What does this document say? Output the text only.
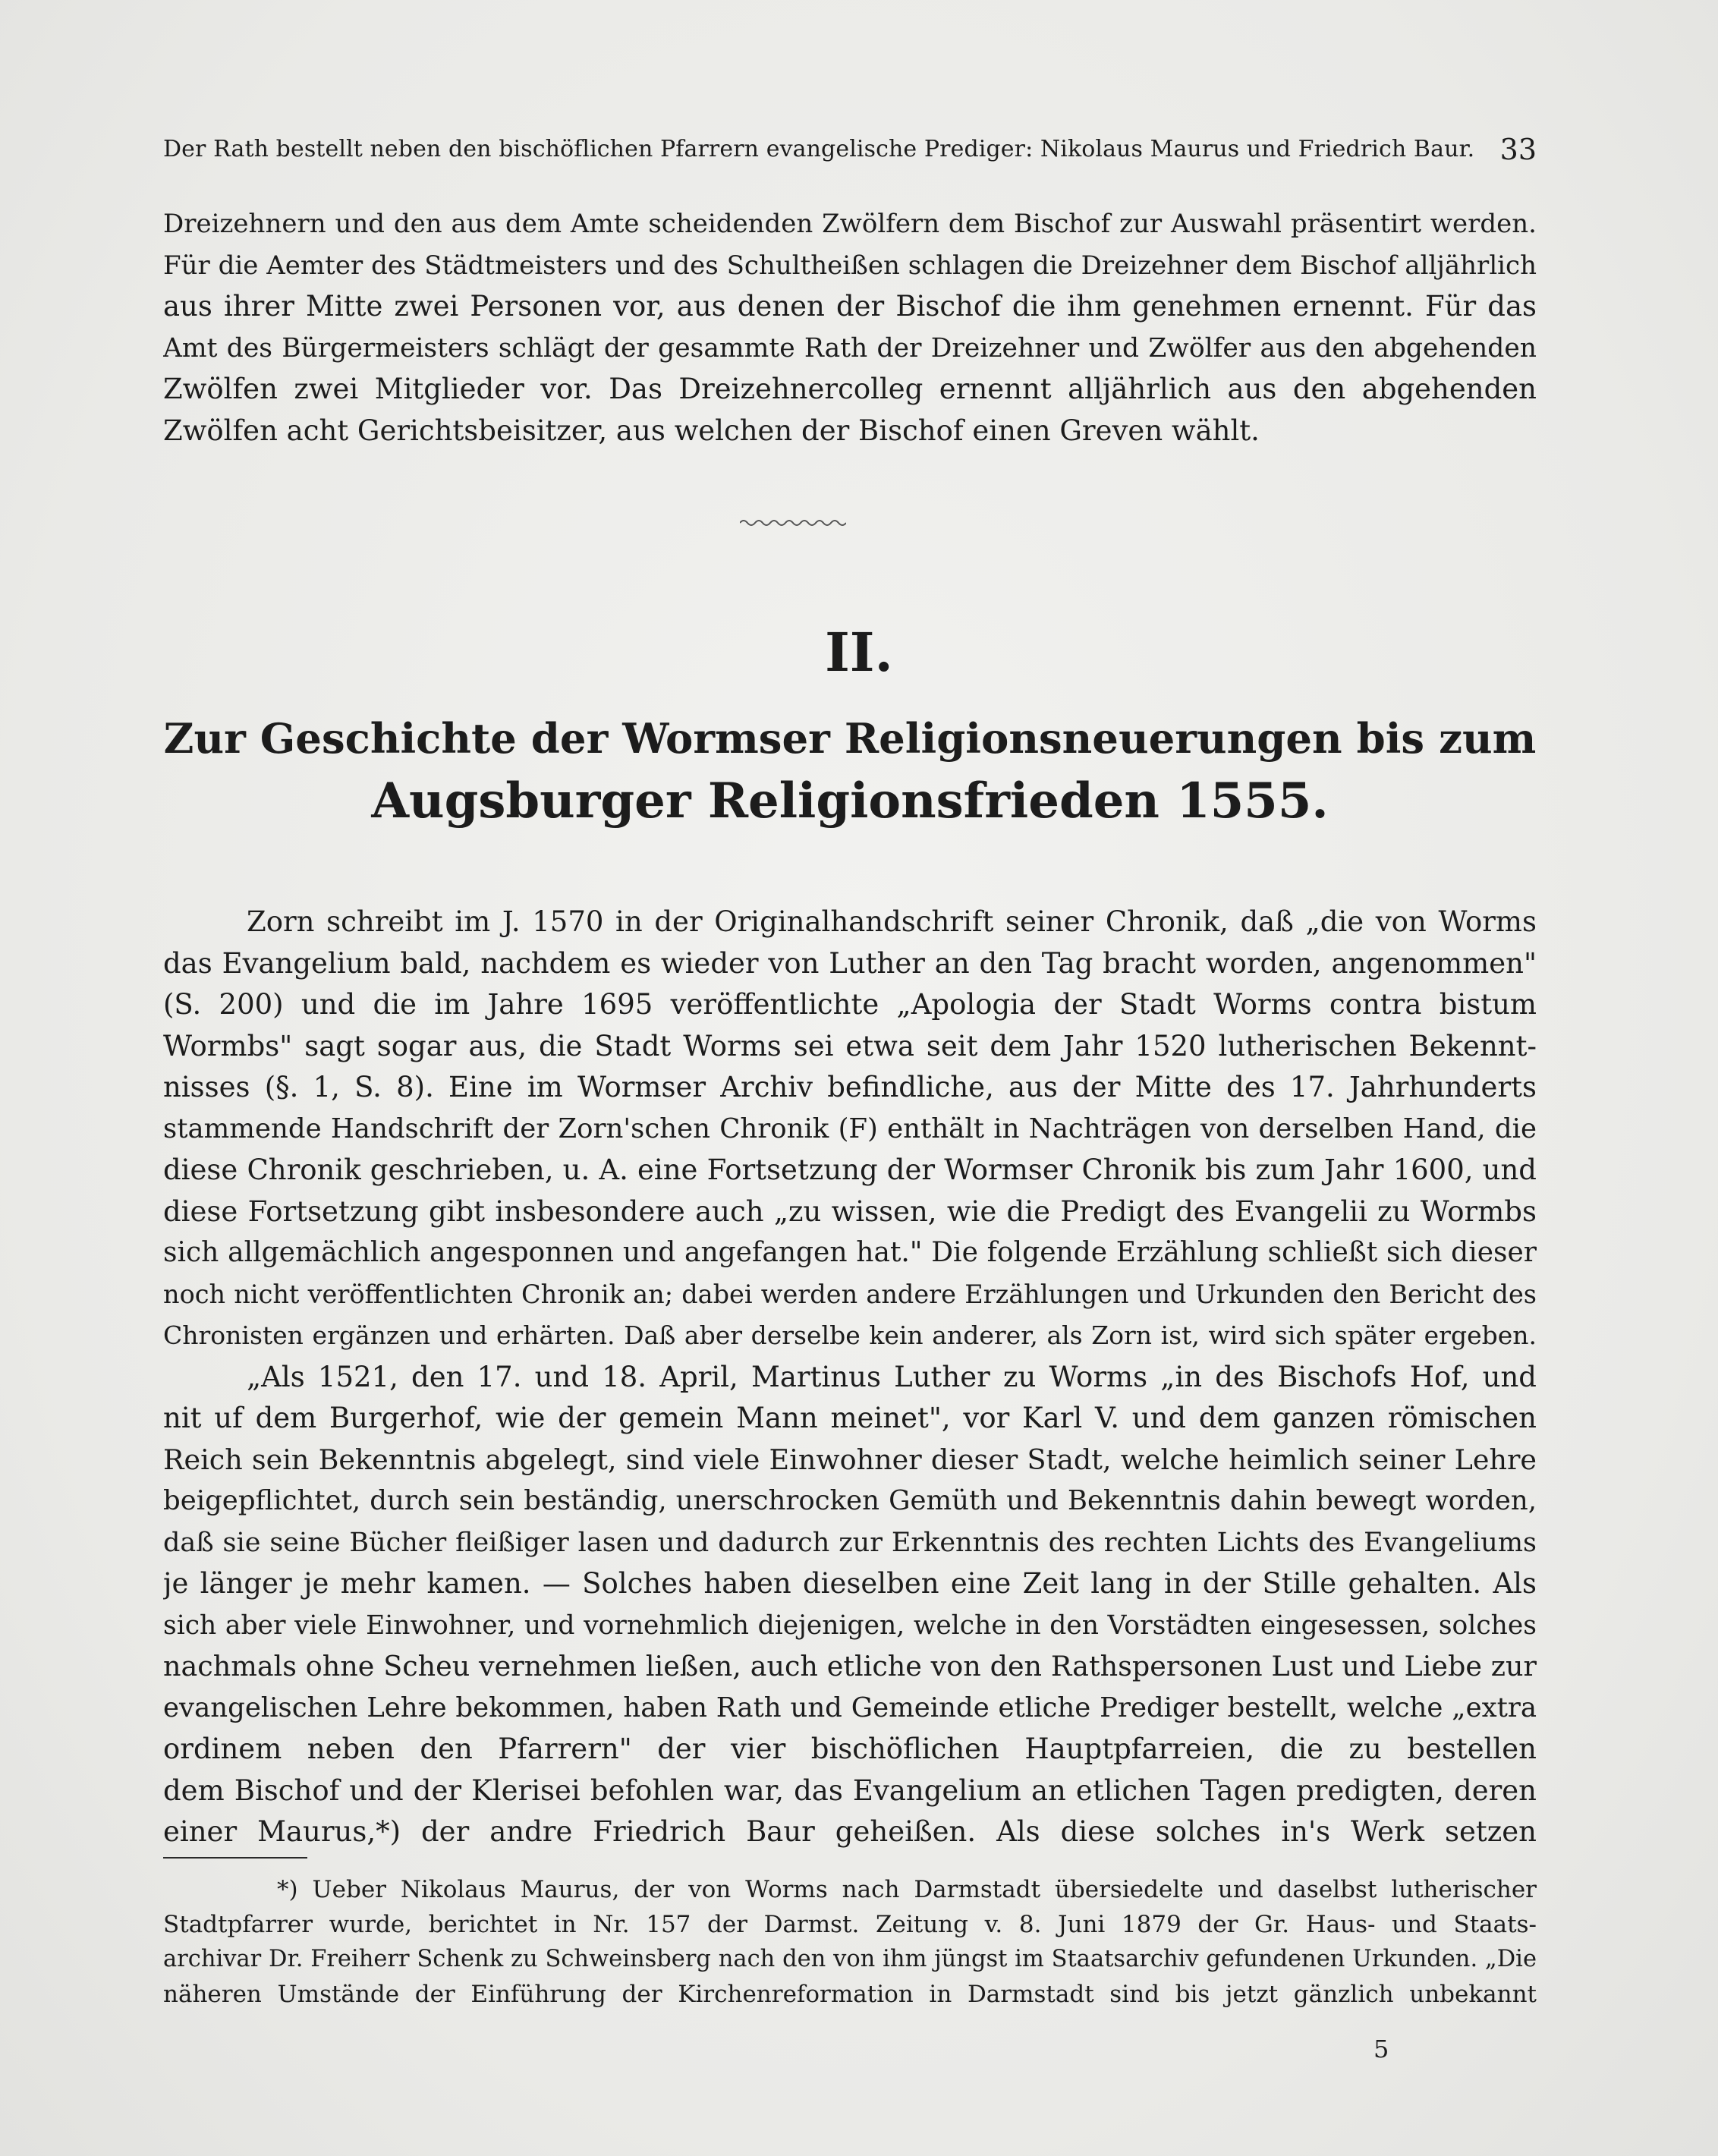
Der Rath bestellt neben den bischöflichen Pfarrern evangelische Prediger: Nikolaus Maurus und Friedrich Baur. 33
Dreizehnern und den aus dem Amte scheidenden Zwölfern dem Bischof zur Auswahl präsentirt werden.
Für die Aemter des Städtmeisters und des Schultheißen schlagen die Dreizehner dem Bischof alljährlich
aus ihrer Mitte zwei Personen vor, aus denen der Bischof die ihm genehmen ernennt. Für das
Amt des Bürgermeisters schlägt der gesammte Rath der Dreizehner und Zwölfer aus den abgehenden
Zwölfen zwei Mitglieder vor. Das Dreizehnercolleg ernennt alljährlich aus den abgehenden
Zwölfen acht Gerichtsbeisitzer, aus welchen der Bischof einen Greven wählt.
II.
Zur Geschichte der Wormser Religionsneuerungen bis zum
Augsburger Religionsfrieden 1555.
Zorn schreibt im J. 1570 in der Originalhandschrift seiner Chronik, daß „die von Worms
das Evangelium bald, nachdem es wieder von Luther an den Tag bracht worden, angenommen"
(S. 200) und die im Jahre 1695 veröffentlichte „Apologia der Stadt Worms contra bistum
Wormbs" sagt sogar aus, die Stadt Worms sei etwa seit dem Jahr 1520 lutherischen Bekennt-
nisses (§. 1, S. 8). Eine im Wormser Archiv befindliche, aus der Mitte des 17. Jahrhunderts
stammende Handschrift der Zorn'schen Chronik (F) enthält in Nachträgen von derselben Hand, die
diese Chronik geschrieben, u. A. eine Fortsetzung der Wormser Chronik bis zum Jahr 1600, und
diese Fortsetzung gibt insbesondere auch „zu wissen, wie die Predigt des Evangelii zu Wormbs
sich allgemächlich angesponnen und angefangen hat." Die folgende Erzählung schließt sich dieser
noch nicht veröffentlichten Chronik an; dabei werden andere Erzählungen und Urkunden den Bericht des
Chronisten ergänzen und erhärten. Daß aber derselbe kein anderer, als Zorn ist, wird sich später ergeben.
„Als 1521, den 17. und 18. April, Martinus Luther zu Worms „in des Bischofs Hof, und
nit uf dem Burgerhof, wie der gemein Mann meinet", vor Karl V. und dem ganzen römischen
Reich sein Bekenntnis abgelegt, sind viele Einwohner dieser Stadt, welche heimlich seiner Lehre
beigepflichtet, durch sein beständig, unerschrocken Gemüth und Bekenntnis dahin bewegt worden,
daß sie seine Bücher fleißiger lasen und dadurch zur Erkenntnis des rechten Lichts des Evangeliums
je länger je mehr kamen. — Solches haben dieselben eine Zeit lang in der Stille gehalten. Als
sich aber viele Einwohner, und vornehmlich diejenigen, welche in den Vorstädten eingesessen, solches
nachmals ohne Scheu vernehmen ließen, auch etliche von den Rathspersonen Lust und Liebe zur
evangelischen Lehre bekommen, haben Rath und Gemeinde etliche Prediger bestellt, welche „extra
ordinem neben den Pfarrern" der vier bischöflichen Hauptpfarreien, die zu bestellen
dem Bischof und der Klerisei befohlen war, das Evangelium an etlichen Tagen predigten, deren
einer Maurus,*) der andre Friedrich Baur geheißen. Als diese solches in's Werk setzen
*) Ueber Nikolaus Maurus, der von Worms nach Darmstadt übersiedelte und daselbst lutherischer
Stadtpfarrer wurde, berichtet in Nr. 157 der Darmst. Zeitung v. 8. Juni 1879 der Gr. Haus- und Staats-
archivar Dr. Freiherr Schenk zu Schweinsberg nach den von ihm jüngst im Staatsarchiv gefundenen Urkunden. „Die
näheren Umstände der Einführung der Kirchenreformation in Darmstadt sind bis jetzt gänzlich unbekannt
5
